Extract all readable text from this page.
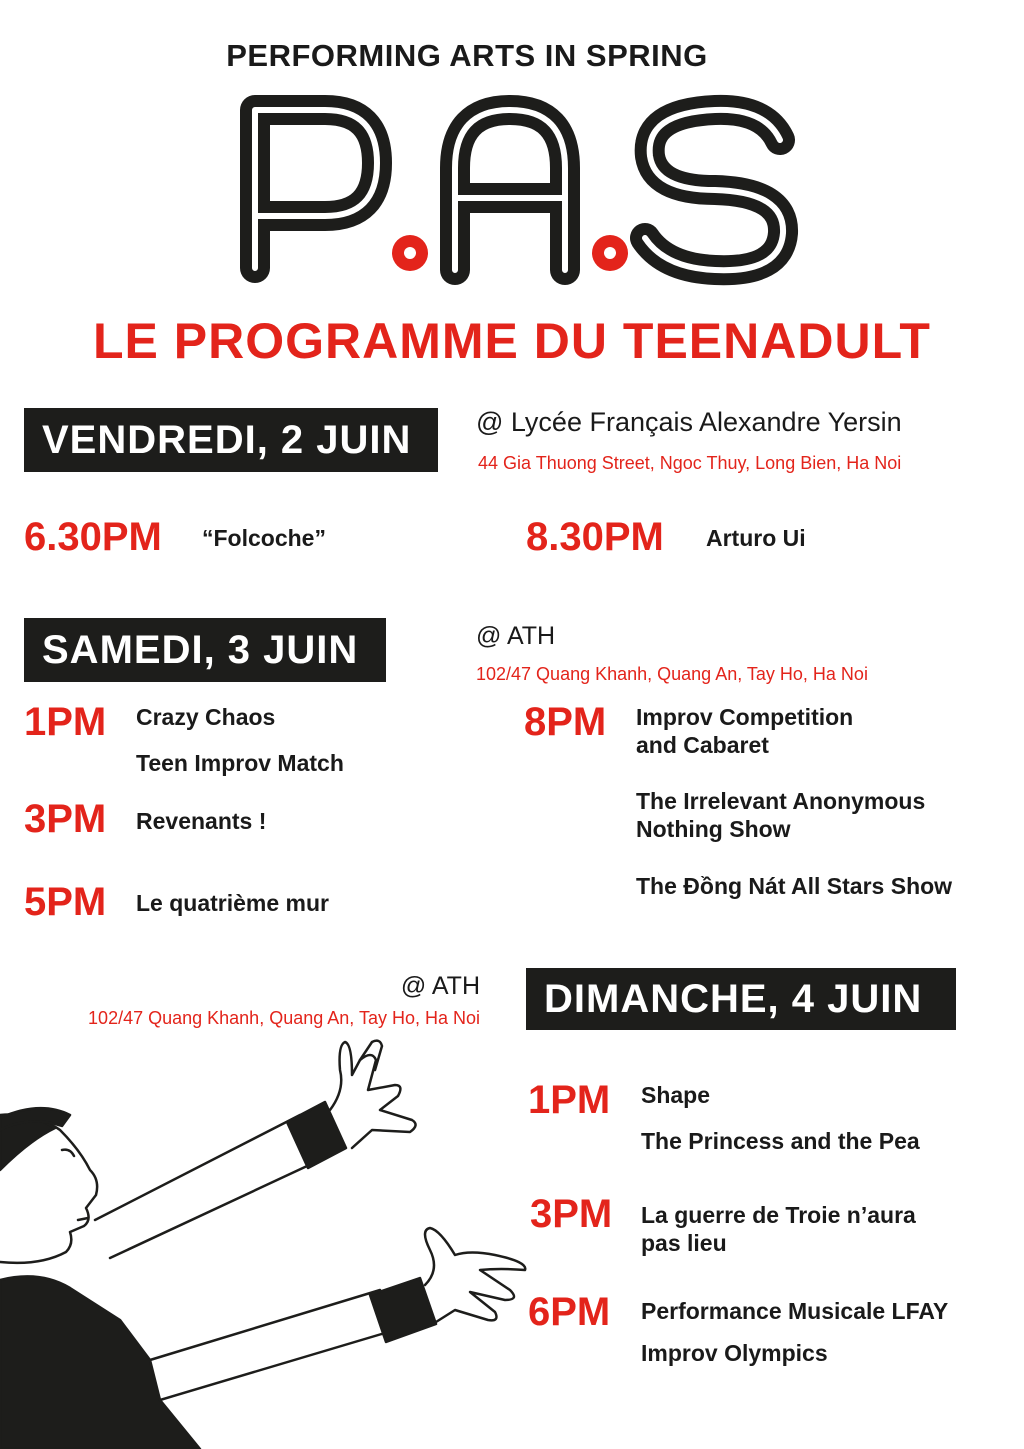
PERFORMING ARTS IN SPRING
LE PROGRAMME DU TEENADULT
VENDREDI, 2 JUIN	@ Lycée Français Alexandre Yersin
44 Gia Thuong Street, Ngoc Thuy, Long Bien, Ha Noi
6.30PM “Folcoche”	8.30PM Arturo Ui
SAMEDI, 3 JUIN	@ ATH
102/47 Quang Khanh, Quang An, Tay Ho, Ha Noi
1PM Crazy Chaos
Teen Improv Match
3PM Revenants !
5PM Le quatrième mur
8PM Improv Competition and Cabaret
The Irrelevant Anonymous Nothing Show
The Đồng Nát All Stars Show
@ ATH
102/47 Quang Khanh, Quang An, Tay Ho, Ha Noi	DIMANCHE, 4 JUIN
1PM Shape
The Princess and the Pea
3PM La guerre de Troie n’aura pas lieu
6PM Performance Musicale LFAY
Improv Olympics
